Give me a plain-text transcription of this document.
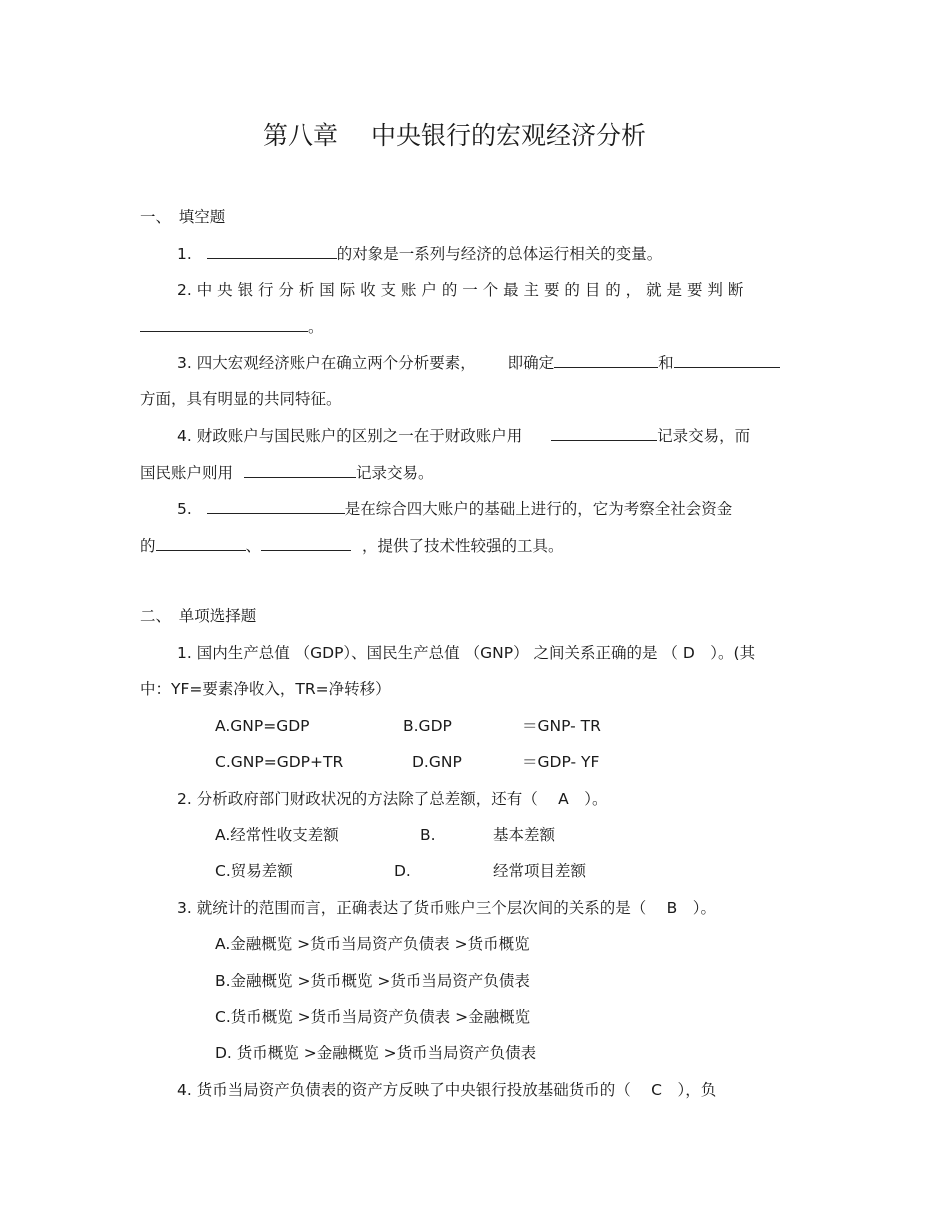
第八章　 中央银行的宏观经济分析
一、　填空题
1.	的对象是一系列与经济的总体运行相关的变量。
2. 中 央 银 行 分 析 国 际 收 支 账 户 的 一 个 最 主 要 的 目 的 ， 就 是 要 判 断
。
3. 四大宏观经济账户在确立两个分析要素， 即确定	和
方面，具有明显的共同特征。
4. 财政账户与国民账户的区别之一在于财政账户用	记录交易，而
国民账户则用	记录交易。
5.	是在综合四大账户的基础上进行的，它为考察全社会资金
的	、	，提供了技术性较强的工具。
二、　单项选择题
1. 国内生产总值 （GDP）、国民生产总值 （GNP） 之间关系正确的是 （ D　）。(其
中：YF=要素净收入，TR=净转移）
A.GNP=GDP	B.GDP	＝GNP- TR
C.GNP=GDP+TR	D.GNP	＝GDP- YF
2. 分析政府部门财政状况的方法除了总差额，还有（　 A　）。
A.经常性收支差额	B.	基本差额
C.贸易差额	D.	经常项目差额
3. 就统计的范围而言，正确表达了货币账户三个层次间的关系的是（　 B　）。
A.金融概览 >货币当局资产负债表 >货币概览
B.金融概览 >货币概览 >货币当局资产负债表
C.货币概览 >货币当局资产负债表 >金融概览
D. 货币概览 >金融概览 >货币当局资产负债表
4. 货币当局资产负债表的资产方反映了中央银行投放基础货币的（　 C　），负
